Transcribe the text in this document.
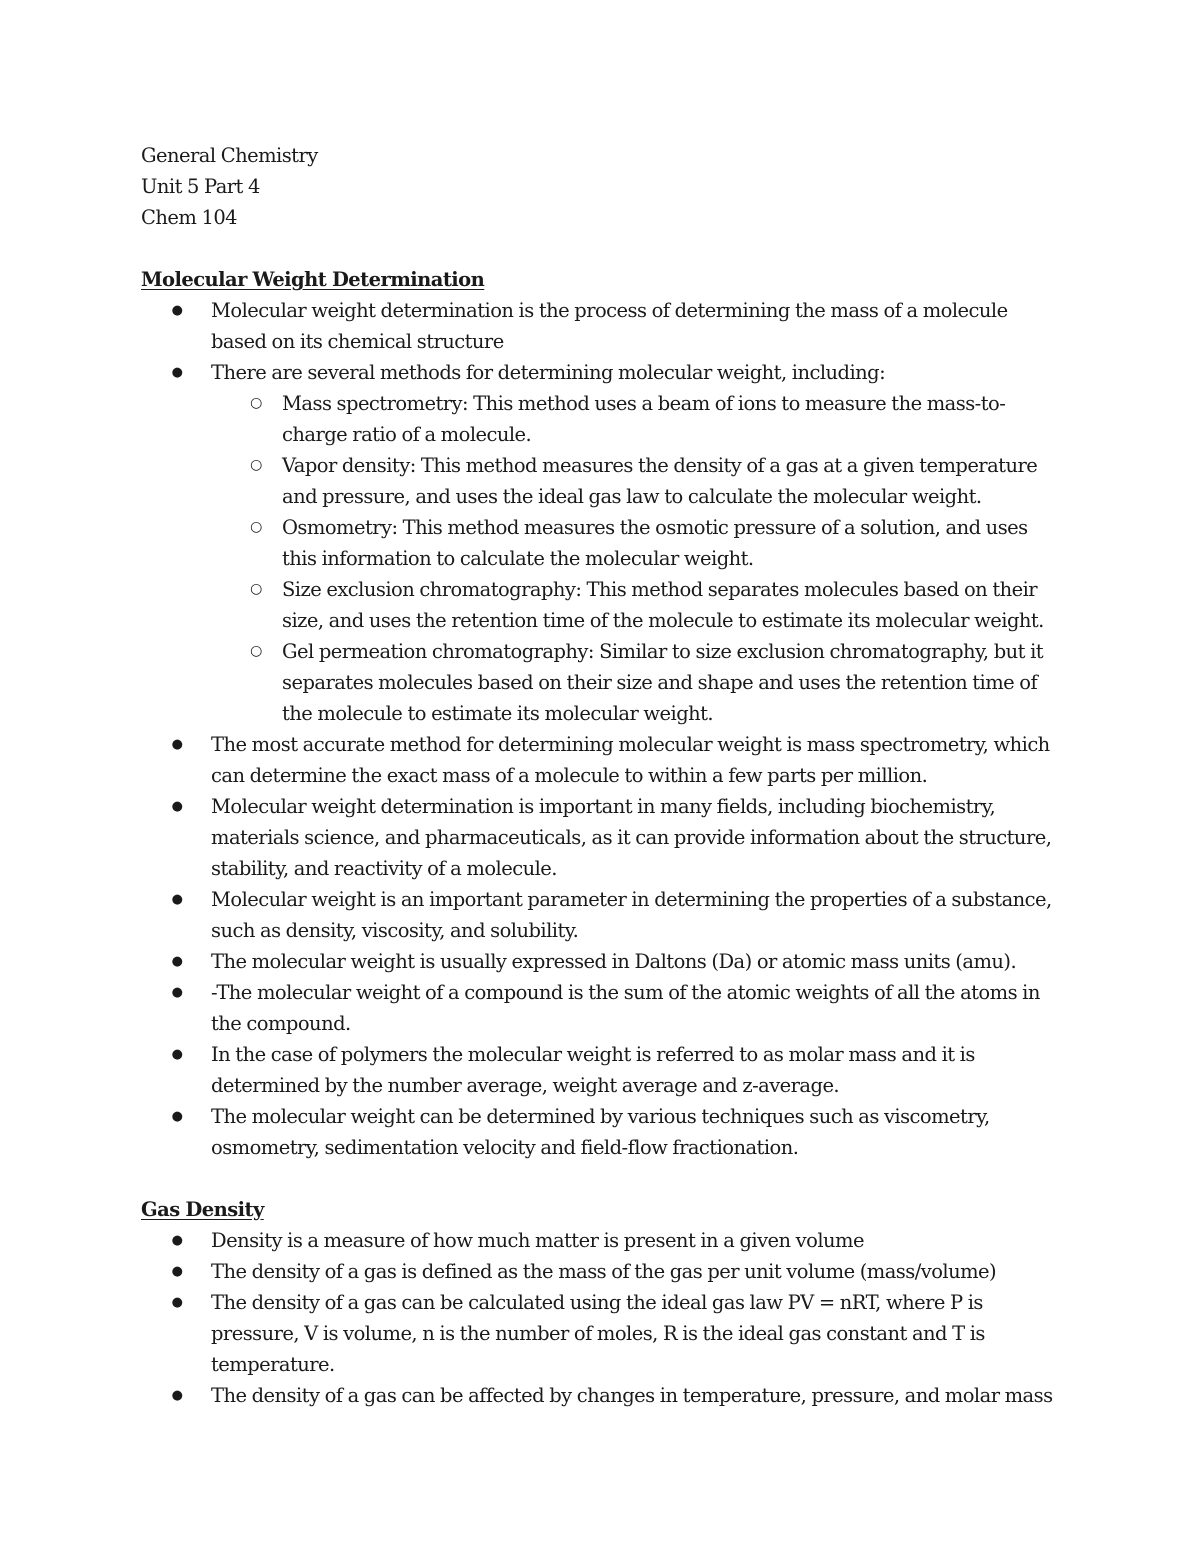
General Chemistry

Unit 5 Part 4

Chem 104

Molecular Weight Determination

● Molecular weight determination is the process of determining the mass of a molecule based on its chemical structure
● There are several methods for determining molecular weight, including:
○ Mass spectrometry: This method uses a beam of ions to measure the mass-to-charge ratio of a molecule.
○ Vapor density: This method measures the density of a gas at a given temperature and pressure, and uses the ideal gas law to calculate the molecular weight.
○ Osmometry: This method measures the osmotic pressure of a solution, and uses this information to calculate the molecular weight.
○ Size exclusion chromatography: This method separates molecules based on their size, and uses the retention time of the molecule to estimate its molecular weight.
○ Gel permeation chromatography: Similar to size exclusion chromatography, but it separates molecules based on their size and shape and uses the retention time of the molecule to estimate its molecular weight.
● The most accurate method for determining molecular weight is mass spectrometry, which can determine the exact mass of a molecule to within a few parts per million.
● Molecular weight determination is important in many fields, including biochemistry, materials science, and pharmaceuticals, as it can provide information about the structure, stability, and reactivity of a molecule.
● Molecular weight is an important parameter in determining the properties of a substance, such as density, viscosity, and solubility.
● The molecular weight is usually expressed in Daltons (Da) or atomic mass units (amu).
● -The molecular weight of a compound is the sum of the atomic weights of all the atoms in the compound.
● In the case of polymers the molecular weight is referred to as molar mass and it is determined by the number average, weight average and z-average.
● The molecular weight can be determined by various techniques such as viscometry, osmometry, sedimentation velocity and field-flow fractionation.

Gas Density

● Density is a measure of how much matter is present in a given volume
● The density of a gas is defined as the mass of the gas per unit volume (mass/volume)
● The density of a gas can be calculated using the ideal gas law PV = nRT, where P is pressure, V is volume, n is the number of moles, R is the ideal gas constant and T is temperature.
● The density of a gas can be affected by changes in temperature, pressure, and molar mass
